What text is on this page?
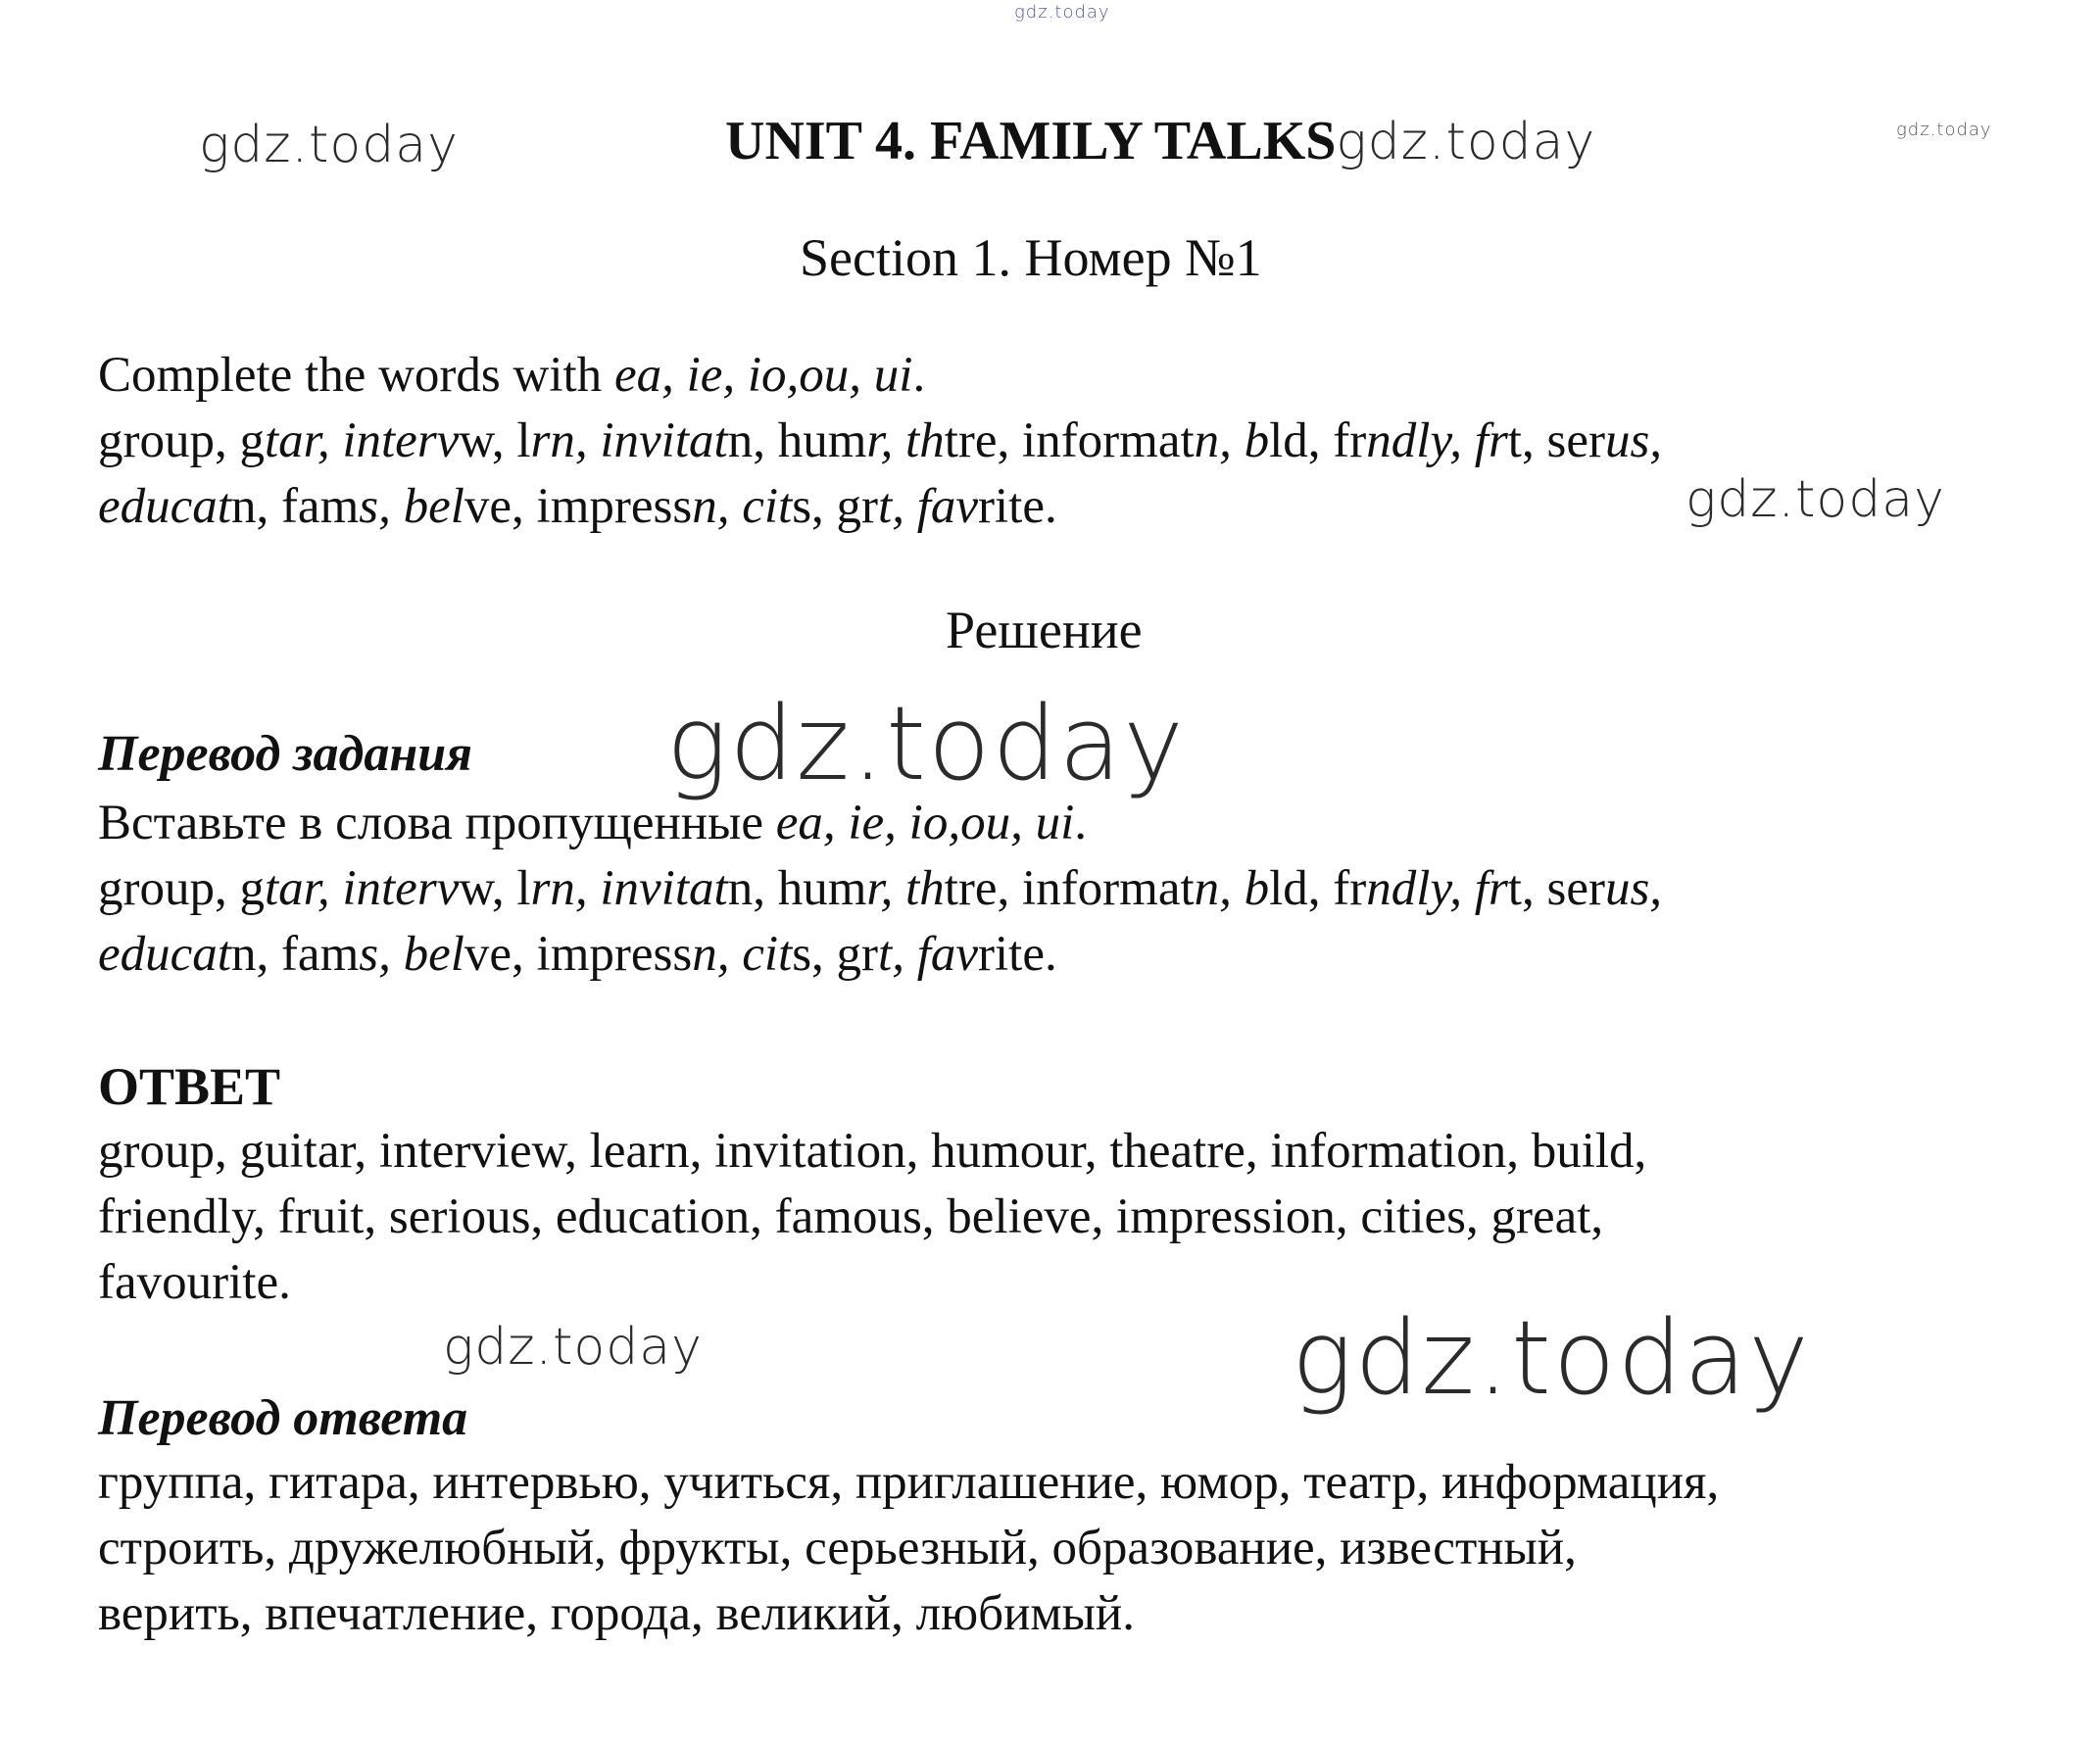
gdz.today
gdz.today	gdz.today
gdz.today
gdz.today
gdz.today	gdz.today
UNIT 4. FAMILY TALKSgdz.today
Section 1. Номер №1
Complete the words with ea, ie, io,ou, ui.
group, gtar, intervw, lrn, invitatn, humr, thtre, informatn, bld, frndly, frt, serus,
educatn, fams, belve, impressn, cits, grt, favrite.
Решение
Перевод задания
Вставьте в слова пропущенные ea, ie, io,ou, ui.
group, gtar, intervw, lrn, invitatn, humr, thtre, informatn, bld, frndly, frt, serus,
educatn, fams, belve, impressn, cits, grt, favrite.
ОТВЕТ
group, guitar, interview, learn, invitation, humour, theatre, information, build,
friendly, fruit, serious, education, famous, believe, impression, cities, great,
favourite.
Перевод ответа
группа, гитара, интервью, учиться, приглашение, юмор, театр, информация,
строить, дружелюбный, фрукты, серьезный, образование, известный,
верить, впечатление, города, великий, любимый.
